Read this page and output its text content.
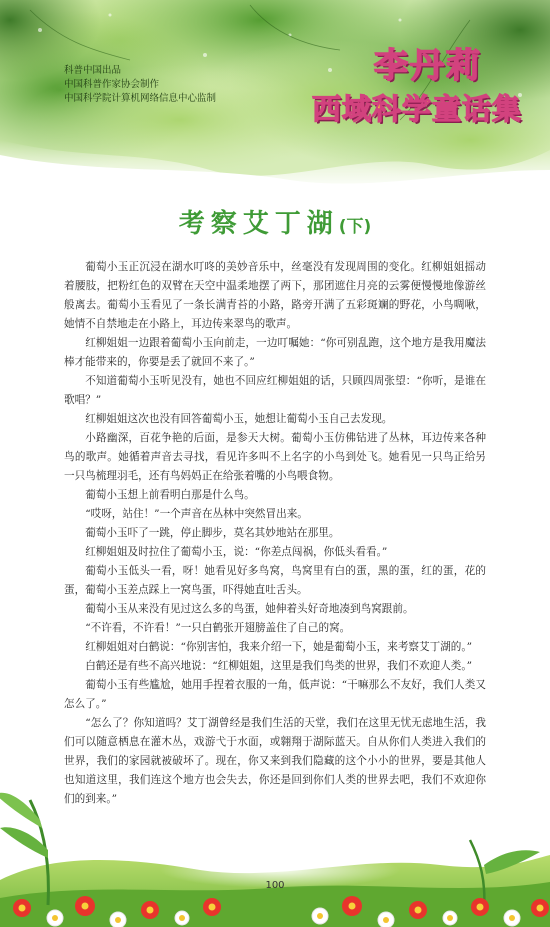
科普中国出品
中国科普作家协会制作
中国科学院计算机网络信息中心监制
李丹莉
西域科学童话集
考察艾丁湖(下)

葡萄小玉正沉浸在湖水叮咚的美妙音乐中，丝毫没有发现周围的变化。红柳姐姐摇动着腰肢，把粉红色的双臂在天空中温柔地摆了两下，那团遮住月亮的云雾便慢慢地像游丝般离去。葡萄小玉看见了一条长满青苔的小路，路旁开满了五彩斑斓的野花，小鸟啁啾，她情不自禁地走在小路上，耳边传来翠鸟的歌声。

红柳姐姐一边跟着葡萄小玉向前走，一边叮嘱她：“你可别乱跑，这个地方是我用魔法棒才能带来的，你要是丢了就回不来了。”

不知道葡萄小玉听见没有，她也不回应红柳姐姐的话，只顾四周张望：“你听，是谁在歌唱？”

红柳姐姐这次也没有回答葡萄小玉，她想让葡萄小玉自己去发现。

小路幽深，百花争艳的后面，是参天大树。葡萄小玉仿佛钻进了丛林，耳边传来各种鸟的歌声。她循着声音去寻找，看见许多叫不上名字的小鸟到处飞。她看见一只鸟正给另一只鸟梳理羽毛，还有鸟妈妈正在给张着嘴的小鸟喂食物。

葡萄小玉想上前看明白那是什么鸟。

“哎呀，站住！”一个声音在丛林中突然冒出来。

葡萄小玉吓了一跳，停止脚步，莫名其妙地站在那里。

红柳姐姐及时拉住了葡萄小玉，说：“你差点闯祸，你低头看看。”

葡萄小玉低头一看，呀！她看见好多鸟窝，鸟窝里有白的蛋，黑的蛋，红的蛋，花的蛋，葡萄小玉差点踩上一窝鸟蛋，吓得她直吐舌头。

葡萄小玉从来没有见过这么多的鸟蛋，她伸着头好奇地凑到鸟窝跟前。

“不许看，不许看！”一只白鹤张开翅膀盖住了自己的窝。

红柳姐姐对白鹤说：“你别害怕，我来介绍一下，她是葡萄小玉，来考察艾丁湖的。”

白鹤还是有些不高兴地说：“红柳姐姐，这里是我们鸟类的世界，我们不欢迎人类。”

葡萄小玉有些尴尬，她用手捏着衣服的一角，低声说：“干嘛那么不友好，我们人类又怎么了。”

“怎么了？你知道吗？艾丁湖曾经是我们生活的天堂，我们在这里无忧无虑地生活，我们可以随意栖息在灌木丛，戏游弋于水面，或翱翔于湖际蓝天。自从你们人类进入我们的世界，我们的家园就被破坏了。现在，你又来到我们隐藏的这个小小的世界，要是其他人也知道这里，我们连这个地方也会失去，你还是回到你们人类的世界去吧，我们不欢迎你们的到来。”

100
